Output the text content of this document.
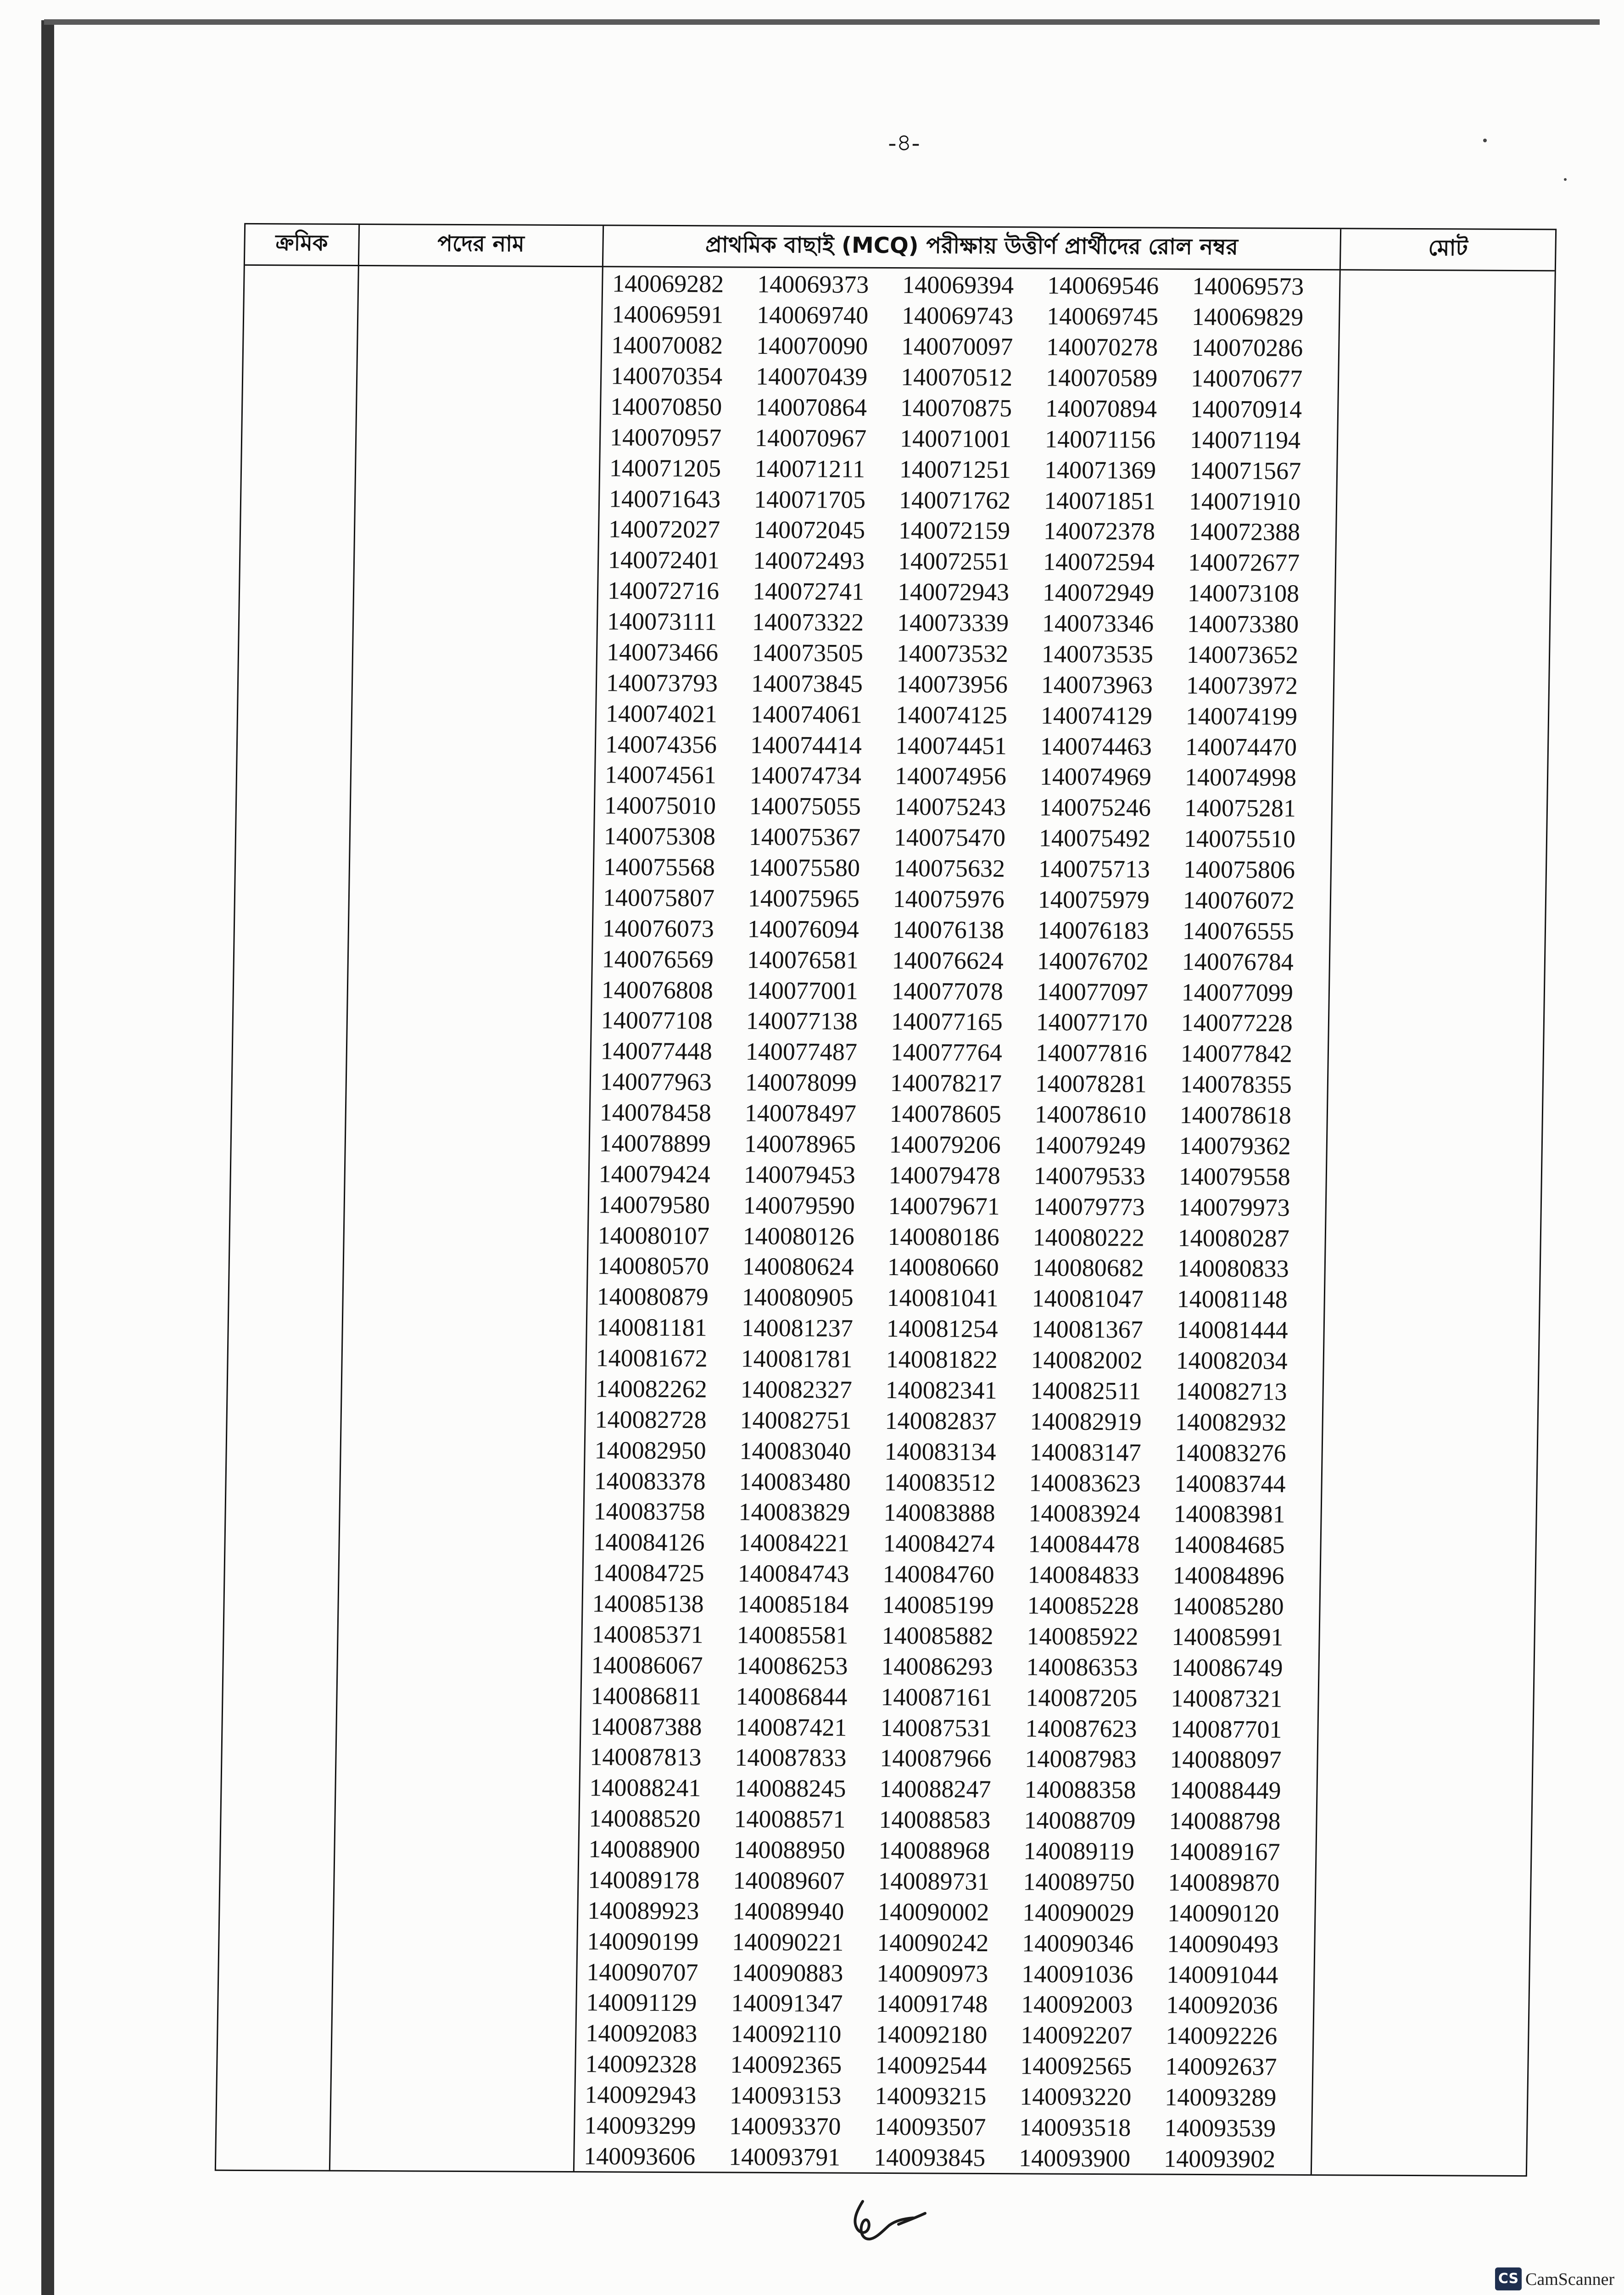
-৪-
ক্রমিক	পদের নাম	প্রাথমিক বাছাই (MCQ) পরীক্ষায় উত্তীর্ণ প্রার্থীদের রোল নম্বর	মোট
140069282	140069373	140069394	140069546	140069573
140069591	140069740	140069743	140069745	140069829
140070082	140070090	140070097	140070278	140070286
140070354	140070439	140070512	140070589	140070677
140070850	140070864	140070875	140070894	140070914
140070957	140070967	140071001	140071156	140071194
140071205	140071211	140071251	140071369	140071567
140071643	140071705	140071762	140071851	140071910
140072027	140072045	140072159	140072378	140072388
140072401	140072493	140072551	140072594	140072677
140072716	140072741	140072943	140072949	140073108
140073111	140073322	140073339	140073346	140073380
140073466	140073505	140073532	140073535	140073652
140073793	140073845	140073956	140073963	140073972
140074021	140074061	140074125	140074129	140074199
140074356	140074414	140074451	140074463	140074470
140074561	140074734	140074956	140074969	140074998
140075010	140075055	140075243	140075246	140075281
140075308	140075367	140075470	140075492	140075510
140075568	140075580	140075632	140075713	140075806
140075807	140075965	140075976	140075979	140076072
140076073	140076094	140076138	140076183	140076555
140076569	140076581	140076624	140076702	140076784
140076808	140077001	140077078	140077097	140077099
140077108	140077138	140077165	140077170	140077228
140077448	140077487	140077764	140077816	140077842
140077963	140078099	140078217	140078281	140078355
140078458	140078497	140078605	140078610	140078618
140078899	140078965	140079206	140079249	140079362
140079424	140079453	140079478	140079533	140079558
140079580	140079590	140079671	140079773	140079973
140080107	140080126	140080186	140080222	140080287
140080570	140080624	140080660	140080682	140080833
140080879	140080905	140081041	140081047	140081148
140081181	140081237	140081254	140081367	140081444
140081672	140081781	140081822	140082002	140082034
140082262	140082327	140082341	140082511	140082713
140082728	140082751	140082837	140082919	140082932
140082950	140083040	140083134	140083147	140083276
140083378	140083480	140083512	140083623	140083744
140083758	140083829	140083888	140083924	140083981
140084126	140084221	140084274	140084478	140084685
140084725	140084743	140084760	140084833	140084896
140085138	140085184	140085199	140085228	140085280
140085371	140085581	140085882	140085922	140085991
140086067	140086253	140086293	140086353	140086749
140086811	140086844	140087161	140087205	140087321
140087388	140087421	140087531	140087623	140087701
140087813	140087833	140087966	140087983	140088097
140088241	140088245	140088247	140088358	140088449
140088520	140088571	140088583	140088709	140088798
140088900	140088950	140088968	140089119	140089167
140089178	140089607	140089731	140089750	140089870
140089923	140089940	140090002	140090029	140090120
140090199	140090221	140090242	140090346	140090493
140090707	140090883	140090973	140091036	140091044
140091129	140091347	140091748	140092003	140092036
140092083	140092110	140092180	140092207	140092226
140092328	140092365	140092544	140092565	140092637
140092943	140093153	140093215	140093220	140093289
140093299	140093370	140093507	140093518	140093539
140093606	140093791	140093845	140093900	140093902
CS CamScanner
